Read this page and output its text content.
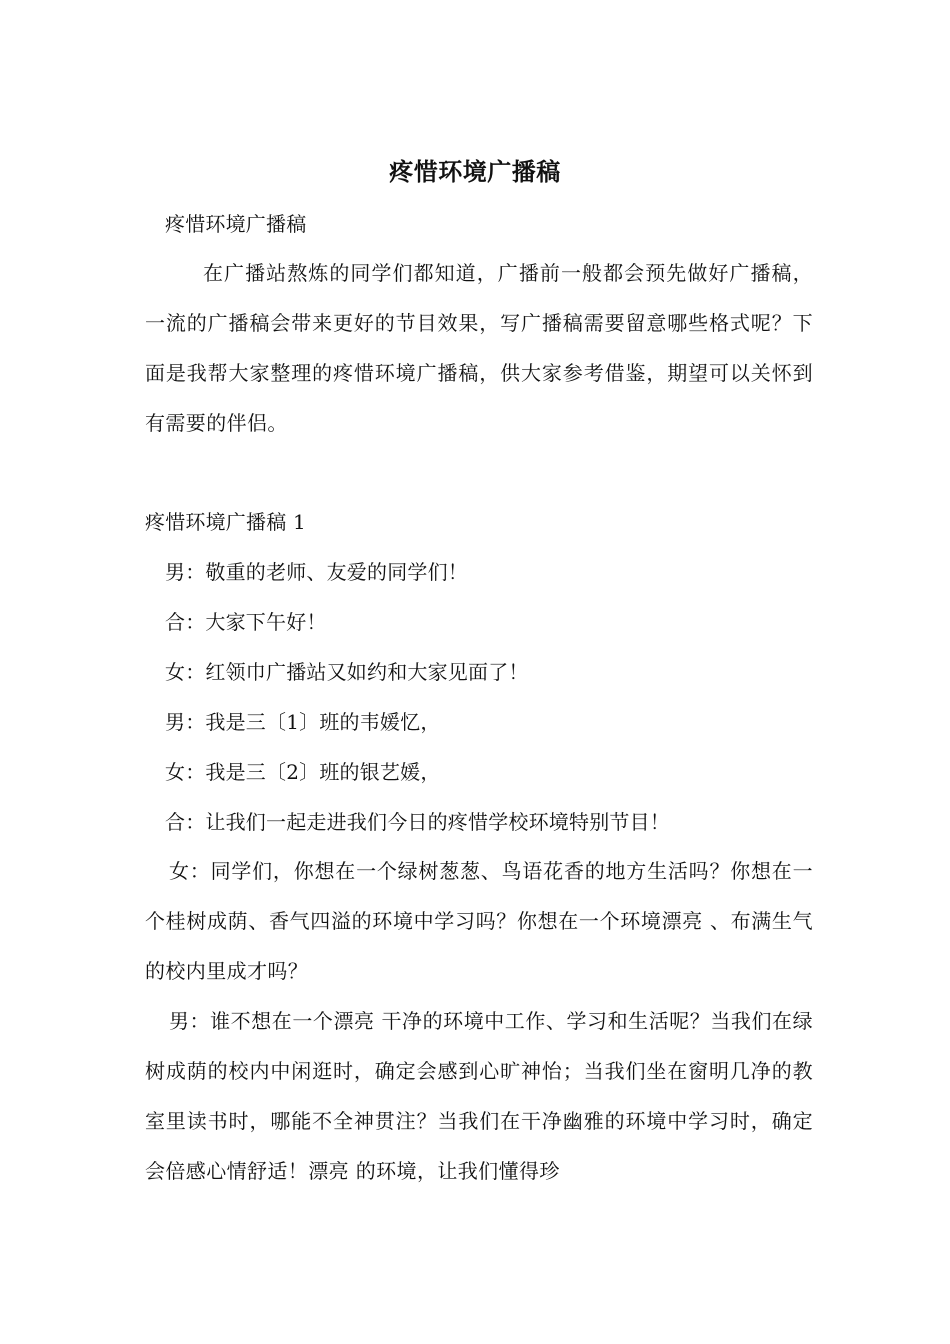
疼惜环境广播稿
疼惜环境广播稿
在广播站熬炼的同学们都知道，广播前一般都会预先做好广播稿，一流的广播稿会带来更好的节目效果，写广播稿需要留意哪些格式呢？下面是我帮大家整理的疼惜环境广播稿，供大家参考借鉴，期望可以关怀到有需要的伴侣。
疼惜环境广播稿 1
男：敬重的老师、友爱的同学们！
合：大家下午好！
女：红领巾广播站又如约和大家见面了！
男：我是三〔1〕班的韦媛忆，
女：我是三〔2〕班的银艺媛，
合：让我们一起走进我们今日的疼惜学校环境特别节目！
女：同学们，你想在一个绿树葱葱、鸟语花香的地方生活吗？你想在一个桂树成荫、香气四溢的环境中学习吗？你想在一个环境漂亮 、布满生气的校内里成才吗？
男：谁不想在一个漂亮 干净的环境中工作、学习和生活呢？当我们在绿树成荫的校内中闲逛时，确定会感到心旷神怡；当我们坐在窗明几净的教室里读书时，哪能不全神贯注？当我们在干净幽雅的环境中学习时，确定会倍感心情舒适！漂亮 的环境，让我们懂得珍
